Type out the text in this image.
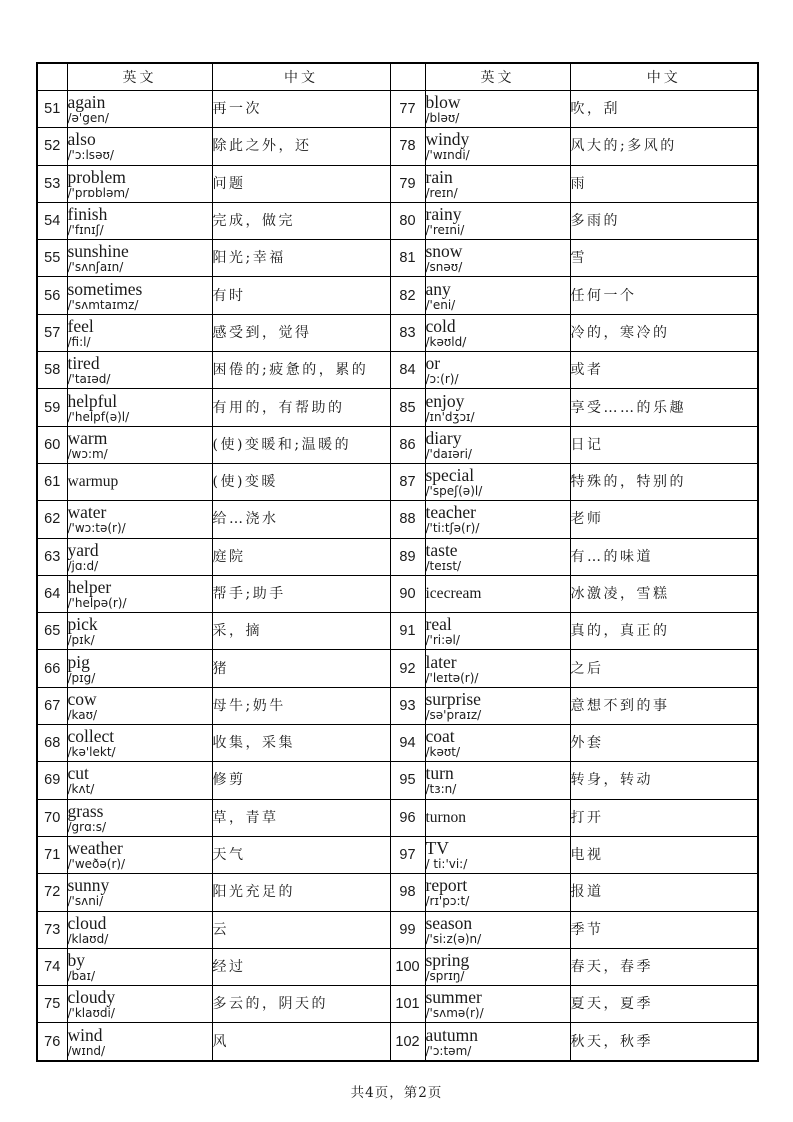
	英文	中文		英文	中文
51	again
/ə'gen/
	再一次	77	blow
/bləʊ/
	吹，刮
52	also
/'ɔ:lsəʊ/
	除此之外，还	78	windy
/'wɪndi/
	风大的;多风的
53	problem
/'prɒbləm/
	问题	79	rain
/reɪn/
	雨
54	finish
/'fɪnɪʃ/
	完成，做完	80	rainy
/'reɪni/
	多雨的
55	sunshine
/'sʌnʃaɪn/
	阳光;幸福	81	snow
/snəʊ/
	雪
56	sometimes
/'sʌmtaɪmz/
	有时	82	any
/'eni/
	任何一个
57	feel
/fi:l/
	感受到，觉得	83	cold
/kəʊld/
	冷的，寒冷的
58	tired
/'taɪəd/
	困倦的;疲惫的，累的	84	or
/ɔ:(r)/
	或者
59	helpful
/'helpf(ə)l/
	有用的，有帮助的	85	enjoy
/ɪn'dʒɔɪ/
	享受……的乐趣
60	warm
/wɔ:m/
	(使)变暖和;温暖的	86	diary
/'daɪəri/
	日记
61	warmup	(使)变暖	87	special
/'speʃ(ə)l/	特殊的，特别的
62	water
/'wɔ:tə(r)/
	给…浇水	88	teacher
/'ti:tʃə(r)/
	老师
63	yard
/jɑ:d/
	庭院	89	taste
/teɪst/
	有…的味道
64	helper
/'helpə(r)/	帮手;助手	90	icecream	冰激凌，雪糕
65	pick
/pɪk/
	采，摘	91	real
/'ri:əl/
	真的，真正的
66	pig
/pɪg/
	猪	92	later
/'leɪtə(r)/
	之后
67	cow
/kaʊ/
	母牛;奶牛	93	surprise
/sə'praɪz/
	意想不到的事
68	collect
/kə'lekt/
	收集，采集	94	coat
/kəʊt/
	外套
69	cut
/kʌt/
	修剪	95	turn
/tɜ:n/
	转身，转动
70	grass
/grɑ:s/	草，青草	96	turnon	打开
71	weather
/'weðə(r)/
	天气	97	TV
/ ti:'vi:/
	电视
72	sunny
/'sʌni/
	阳光充足的	98	report
/rɪ'pɔ:t/
	报道
73	cloud
/klaʊd/
	云	99	season
/'si:z(ə)n/
	季节
74	by
/baɪ/
	经过	100	spring
/sprɪŋ/
	春天，春季
75	cloudy
/'klaʊdi/
	多云的，阴天的	101	summer
/'sʌmə(r)/
	夏天，夏季
76	wind
/wɪnd/
	风	102	autumn
/'ɔ:təm/
	秋天，秋季
共4页，第2页
